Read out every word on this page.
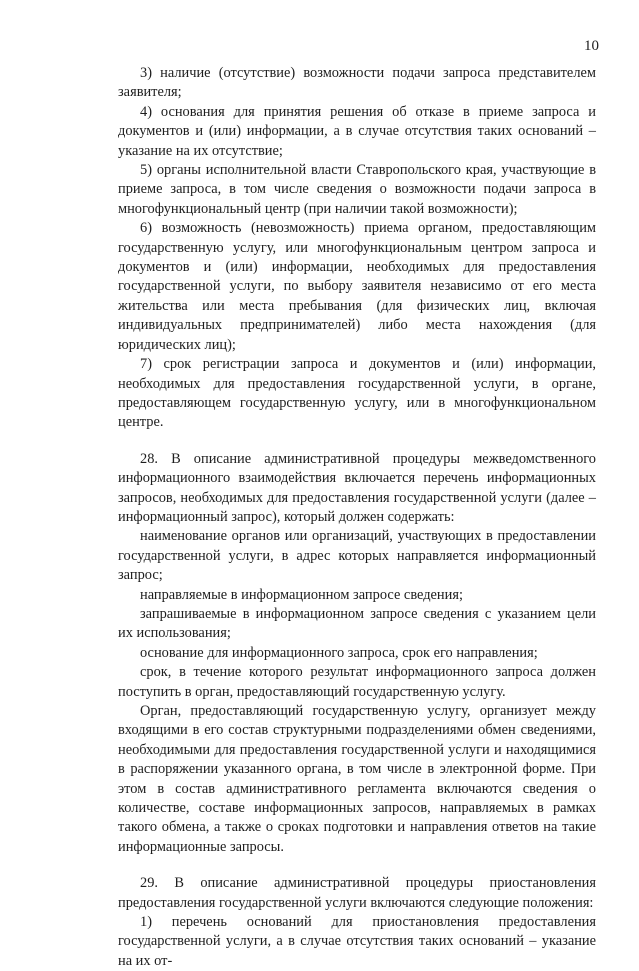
10

3) наличие (отсутствие) возможности подачи запроса представителем заявителя;

4) основания для принятия решения об отказе в приеме запроса и документов и (или) информации, а в случае отсутствия таких оснований – указание на их отсутствие;

5) органы исполнительной власти Ставропольского края, участвующие в приеме запроса, в том числе сведения о возможности подачи запроса в многофункциональный центр (при наличии такой возможности);

6) возможность (невозможность) приема органом, предоставляющим государственную услугу, или многофункциональным центром запроса и документов и (или) информации, необходимых для предоставления государственной услуги, по выбору заявителя независимо от его места жительства или места пребывания (для физических лиц, включая индивидуальных предпринимателей) либо места нахождения (для юридических лиц);

7) срок регистрации запроса и документов и (или) информации, необходимых для предоставления государственной услуги, в органе, предоставляющем государственную услугу, или в многофункциональном центре.

28. В описание административной процедуры межведомственного информационного взаимодействия включается перечень информационных запросов, необходимых для предоставления государственной услуги (далее – информационный запрос), который должен содержать:

наименование органов или организаций, участвующих в предоставлении государственной услуги, в адрес которых направляется информационный запрос;

направляемые в информационном запросе сведения;

запрашиваемые в информационном запросе сведения с указанием цели их использования;

основание для информационного запроса, срок его направления;

срок, в течение которого результат информационного запроса должен поступить в орган, предоставляющий государственную услугу.

Орган, предоставляющий государственную услугу, организует между входящими в его состав структурными подразделениями обмен сведениями, необходимыми для предоставления государственной услуги и находящимися в распоряжении указанного органа, в том числе в электронной форме. При этом в состав административного регламента включаются сведения о количестве, составе информационных запросов, направляемых в рамках такого обмена, а также о сроках подготовки и направления ответов на такие информационные запросы.

29. В описание административной процедуры приостановления предоставления государственной услуги включаются следующие положения:

1) перечень оснований для приостановления предоставления государственной услуги, а в случае отсутствия таких оснований – указание на их от-
